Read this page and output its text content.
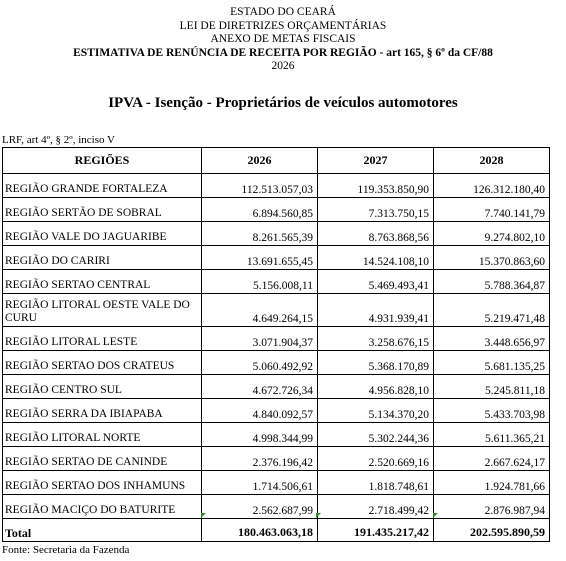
ESTADO DO CEARÁ
LEI DE DIRETRIZES ORÇAMENTÁRIAS
ANEXO DE METAS FISCAIS
ESTIMATIVA DE RENÚNCIA DE RECEITA POR REGIÃO - art 165, § 6º da CF/88
2026
IPVA - Isenção - Proprietários de veículos automotores
LRF, art 4º, § 2º, inciso V
REGIÕES	2026	2027	2028
REGIÃO GRANDE FORTALEZA	112.513.057,03	119.353.850,90	126.312.180,40
REGIÃO SERTÃO DE SOBRAL	6.894.560,85	7.313.750,15	7.740.141,79
REGIÃO VALE DO JAGUARIBE	8.261.565,39	8.763.868,56	9.274.802,10
REGIÃO DO CARIRI	13.691.655,45	14.524.108,10	15.370.863,60
REGIÃO SERTAO CENTRAL	5.156.008,11	5.469.493,41	5.788.364,87
REGIÃO LITORAL OESTE VALE DO CURU	4.649.264,15	4.931.939,41	5.219.471,48
REGIÃO LITORAL LESTE	3.071.904,37	3.258.676,15	3.448.656,97
REGIÃO SERTAO DOS CRATEUS	5.060.492,92	5.368.170,89	5.681.135,25
REGIÃO CENTRO SUL	4.672.726,34	4.956.828,10	5.245.811,18
REGIÃO SERRA DA IBIAPABA	4.840.092,57	5.134.370,20	5.433.703,98
REGIÃO LITORAL NORTE	4.998.344,99	5.302.244,36	5.611.365,21
REGIÃO SERTAO DE CANINDE	2.376.196,42	2.520.669,16	2.667.624,17
REGIÃO SERTAO DOS INHAMUNS	1.714.506,61	1.818.748,61	1.924.781,66
REGIÃO MACIÇO DO BATURITE	2.562.687,99	2.718.499,42	2.876.987,94
Total	180.463.063,18	191.435.217,42	202.595.890,59
Fonte: Secretaria da Fazenda
